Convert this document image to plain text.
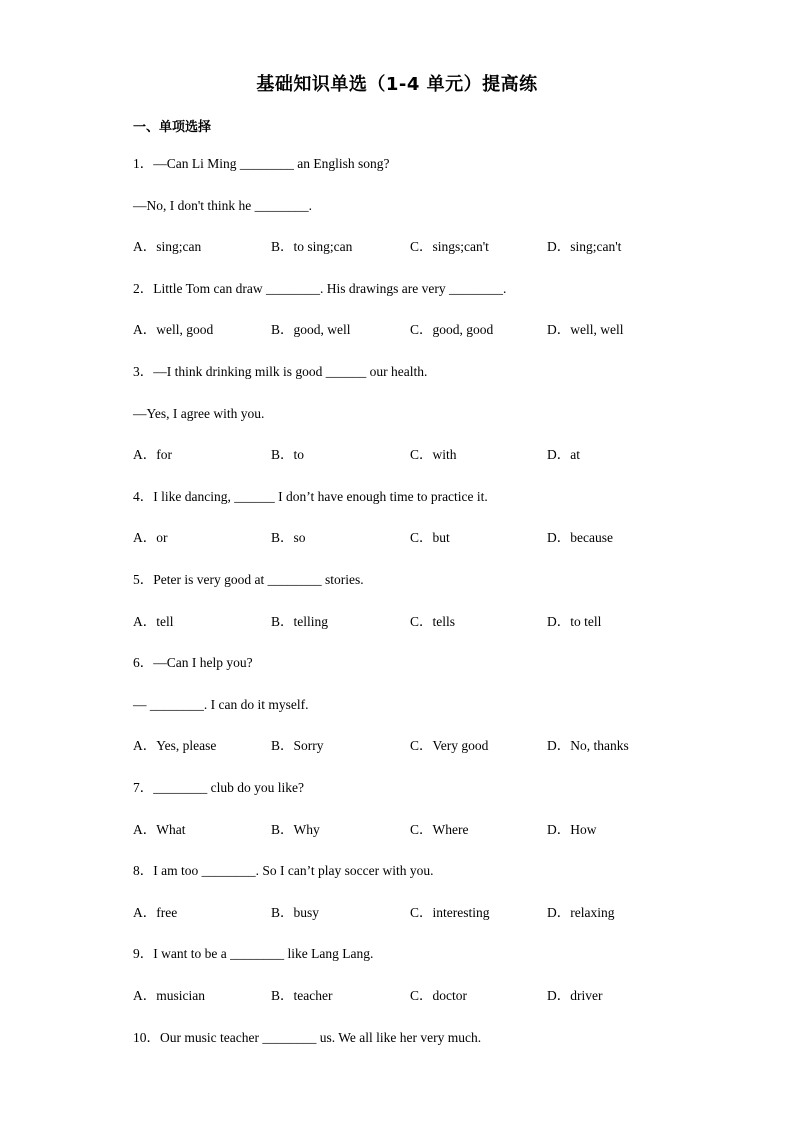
基础知识单选（1-4 单元）提高练
一、单项选择
1．—Can Li Ming ________ an English song?
—No, I don't think he ________.
A．sing;can	B．to sing;can	C．sings;can't	D．sing;can't
2．Little Tom can draw ________. His drawings are very ________.
A．well, good	B．good, well	C．good, good	D．well, well
3．—I think drinking milk is good ______ our health.
—Yes, I agree with you.
A．for	B．to	C．with	D．at
4．I like dancing, ______ I don’t have enough time to practice it.
A．or	B．so	C．but	D．because
5．Peter is very good at ________ stories.
A．tell	B．telling	C．tells	D．to tell
6．—Can I help you?
— ________. I can do it myself.
A．Yes, please	B．Sorry	C．Very good	D．No, thanks
7．________ club do you like?
A．What	B．Why	C．Where	D．How
8．I am too ________. So I can’t play soccer with you.
A．free	B．busy	C．interesting	D．relaxing
9．I want to be a ________ like Lang Lang.
A．musician	B．teacher	C．doctor	D．driver
10．Our music teacher ________ us. We all like her very much.
